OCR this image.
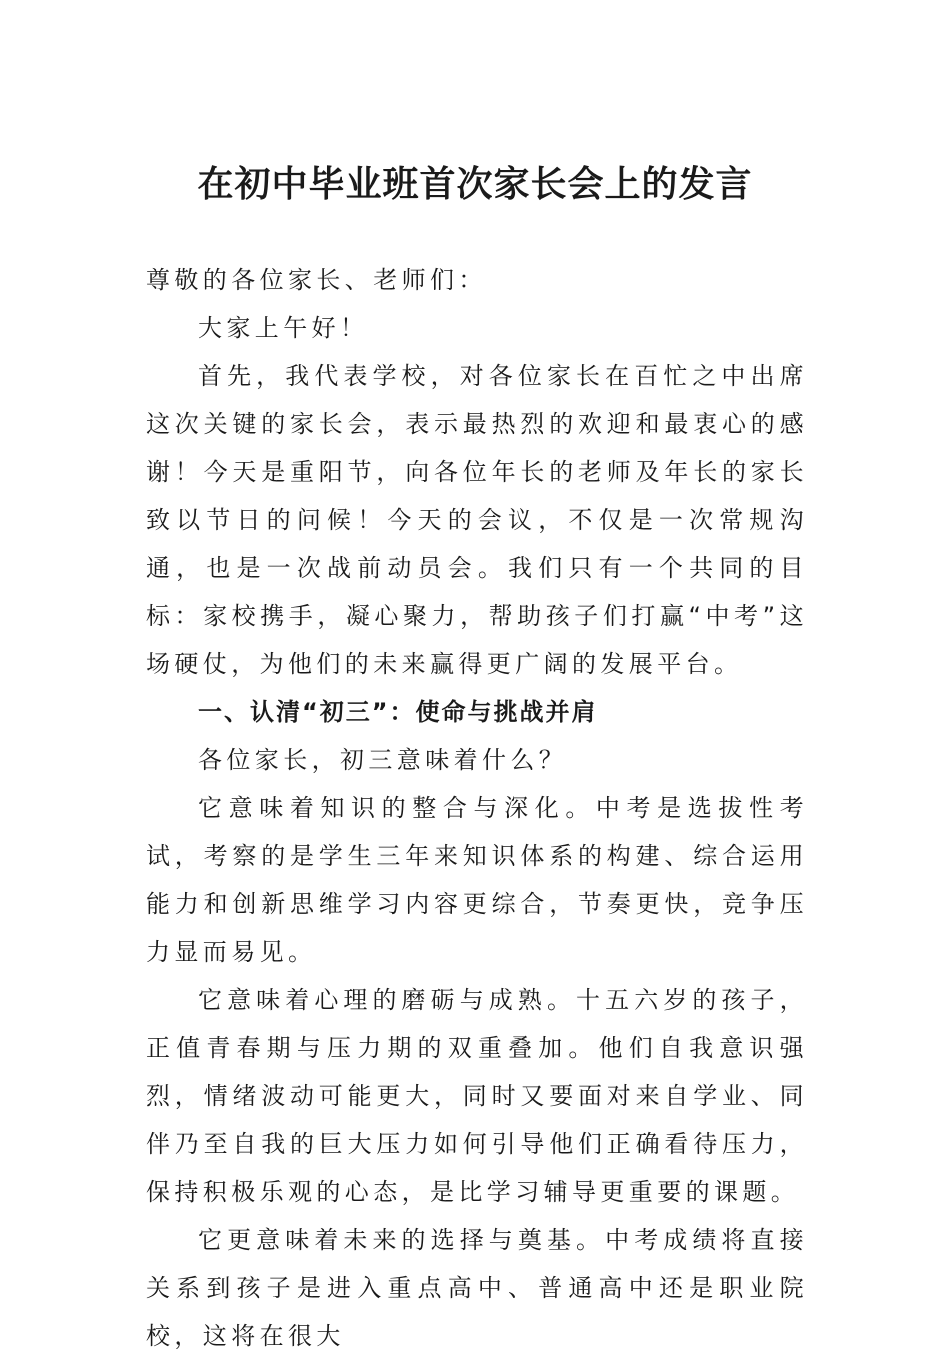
在初中毕业班首次家长会上的发言

尊敬的各位家长、老师们：

大家上午好！

首先，我代表学校，对各位家长在百忙之中出席这次关键的家长会，表示最热烈的欢迎和最衷心的感谢！今天是重阳节，向各位年长的老师及年长的家长致以节日的问候！今天的会议，不仅是一次常规沟通，也是一次战前动员会。我们只有一个共同的目标：家校携手，凝心聚力，帮助孩子们打赢“中考”这场硬仗，为他们的未来赢得更广阔的发展平台。

一、认清“初三”：使命与挑战并肩

各位家长，初三意味着什么？

它意味着知识的整合与深化。中考是选拔性考试，考察的是学生三年来知识体系的构建、综合运用能力和创新思维学习内容更综合，节奏更快，竞争压力显而易见。

它意味着心理的磨砺与成熟。十五六岁的孩子，正值青春期与压力期的双重叠加。他们自我意识强烈，情绪波动可能更大，同时又要面对来自学业、同伴乃至自我的巨大压力如何引导他们正确看待压力，保持积极乐观的心态，是比学习辅导更重要的课题。

它更意味着未来的选择与奠基。中考成绩将直接关系到孩子是进入重点高中、普通高中还是职业院校，这将在很大
